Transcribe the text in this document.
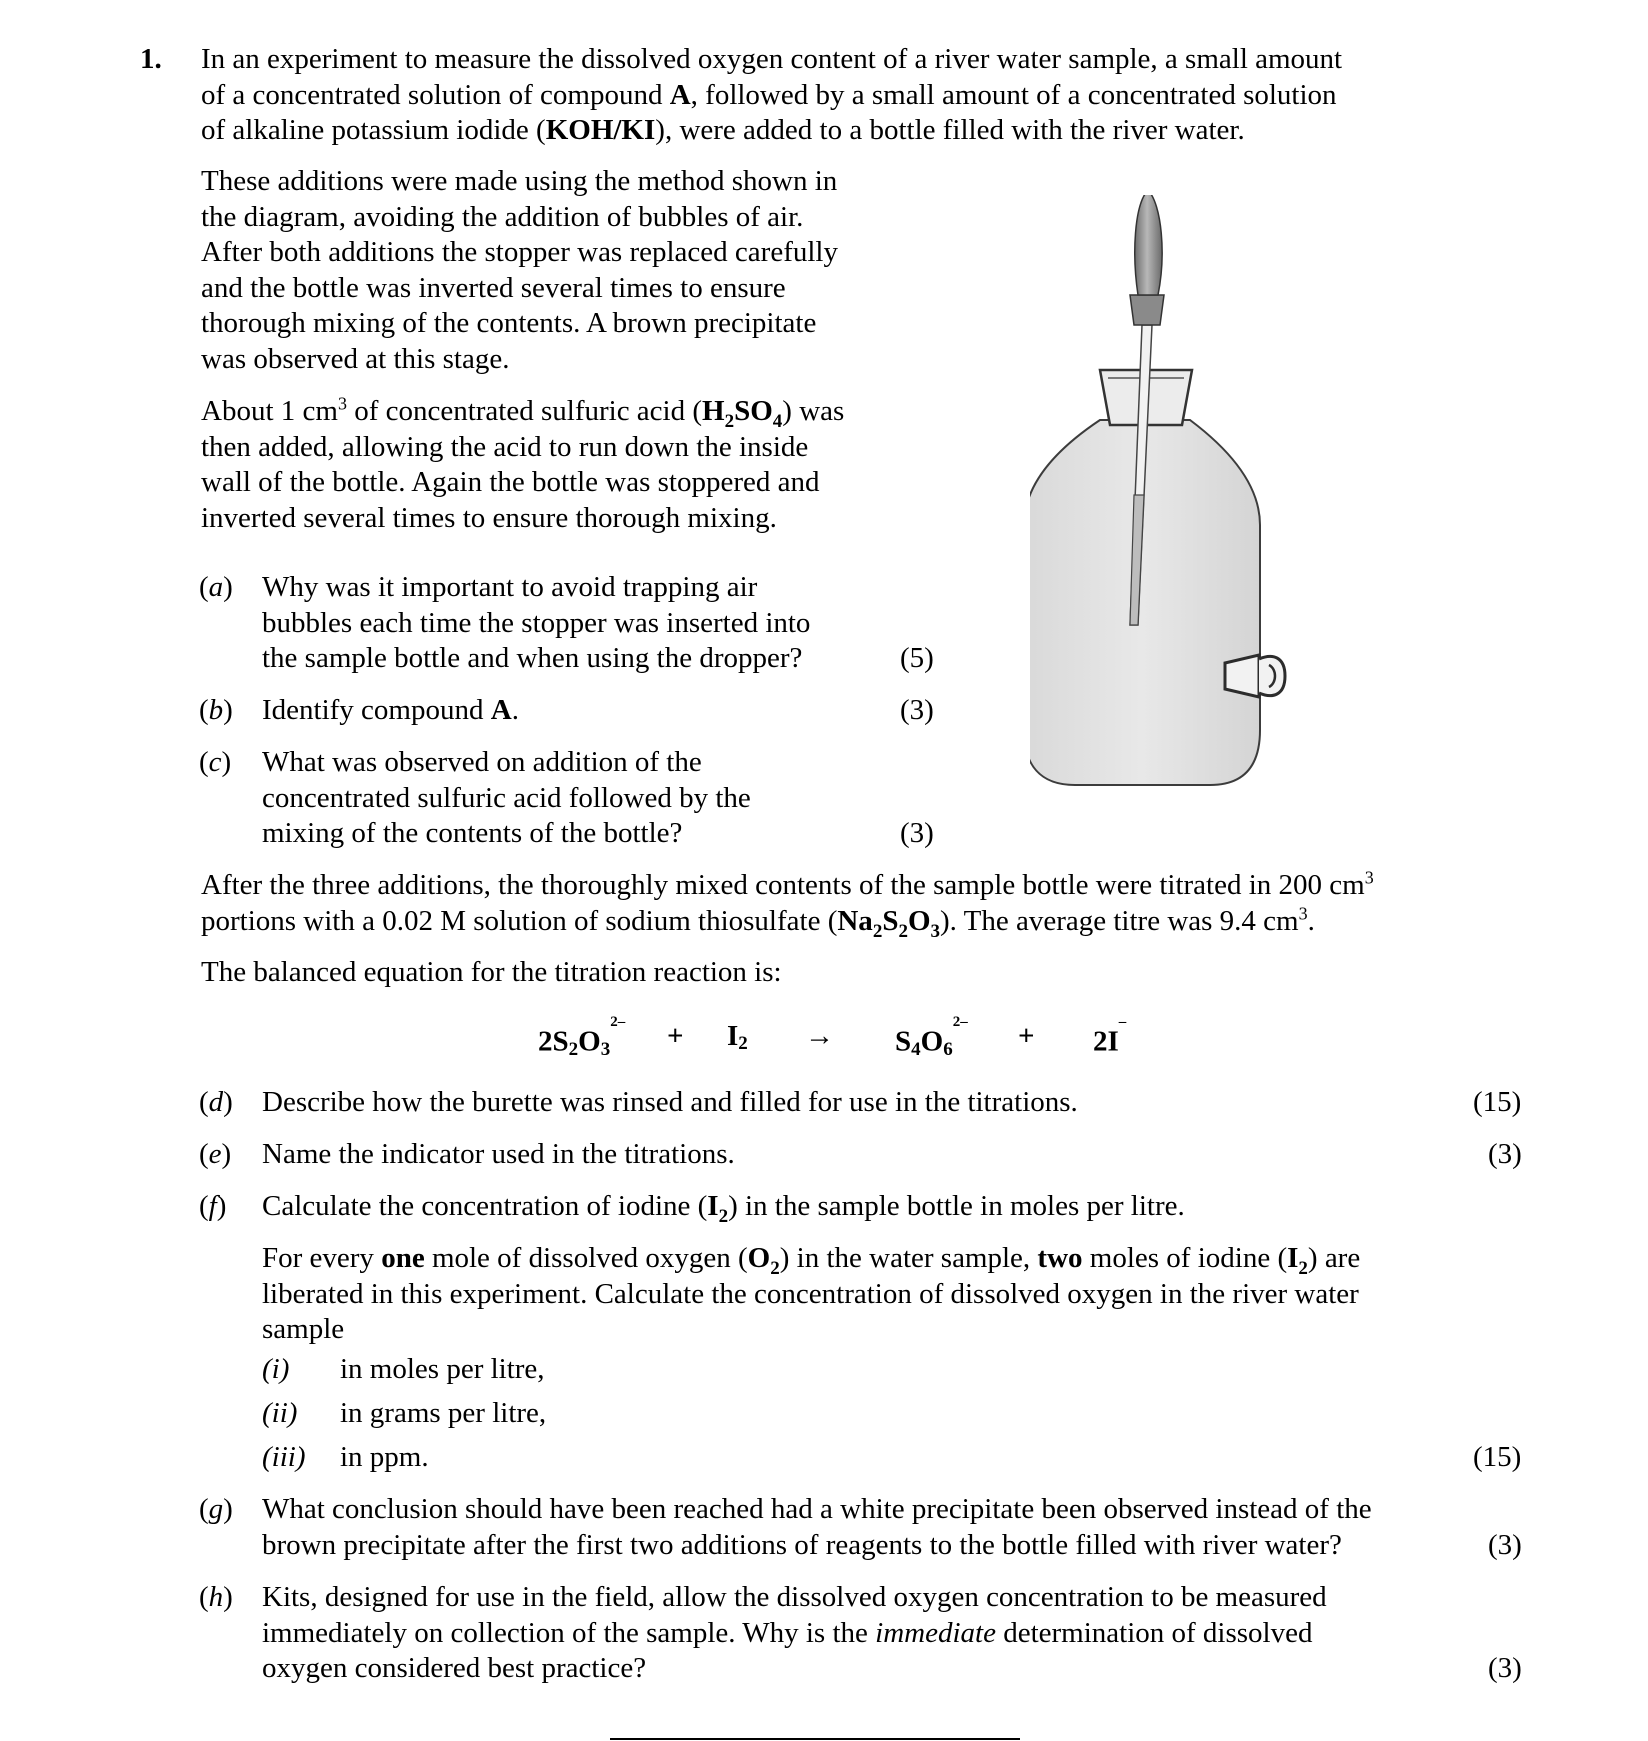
1. In an experiment to measure the dissolved oxygen content of a river water sample, a small amount
of a concentrated solution of compound A, followed by a small amount of a concentrated solution
of alkaline potassium iodide (KOH/KI), were added to a bottle filled with the river water.
These additions were made using the method shown in
the diagram, avoiding the addition of bubbles of air.
After both additions the stopper was replaced carefully
and the bottle was inverted several times to ensure
thorough mixing of the contents. A brown precipitate
was observed at this stage.
About 1 $cm^3$ of concentrated sulfuric acid $(H_2SO_4)$ was
then added, allowing the acid to run down the inside
wall of the bottle. Again the bottle was stoppered and
inverted several times to ensure thorough mixing.
(a) Why was it important to avoid trapping air
bubbles each time the stopper was inserted into
the sample bottle and when using the dropper?	(5)
(b) Identify compound A.	(3)
(c) What was observed on addition of the
concentrated sulfuric acid followed by the
mixing of the contents of the bottle?	(3)
After the three additions, the thoroughly mixed contents of the sample bottle were titrated in 200 $cm^3$
portions with a 0.02 M solution of sodium thiosulfate $(Na_2S_2O_3)$. The average titre was 9.4 $cm^3$.
The balanced equation for the titration reaction is:
$2S_2O_3^{2-} + I_2 \to S_4O_6^{2-} + 2I^-$
(d) Describe how the burette was rinsed and filled for use in the titrations.	(15)
(e) Name the indicator used in the titrations.	(3)
(f) Calculate the concentration of iodine $(I_2)$ in the sample bottle in moles per litre.
For every one mole of dissolved oxygen $(O_2)$ in the water sample, two moles of iodine $(I_2)$ are
liberated in this experiment. Calculate the concentration of dissolved oxygen in the river water
sample
(i) in moles per litre,
(ii) in grams per litre,
(iii) in ppm.	(15)
(g) What conclusion should have been reached had a white precipitate been observed instead of the
brown precipitate after the first two additions of reagents to the bottle filled with river water?	(3)
(h) Kits, designed for use in the field, allow the dissolved oxygen concentration to be measured
immediately on collection of the sample. Why is the immediate determination of dissolved
oxygen considered best practice?	(3)
